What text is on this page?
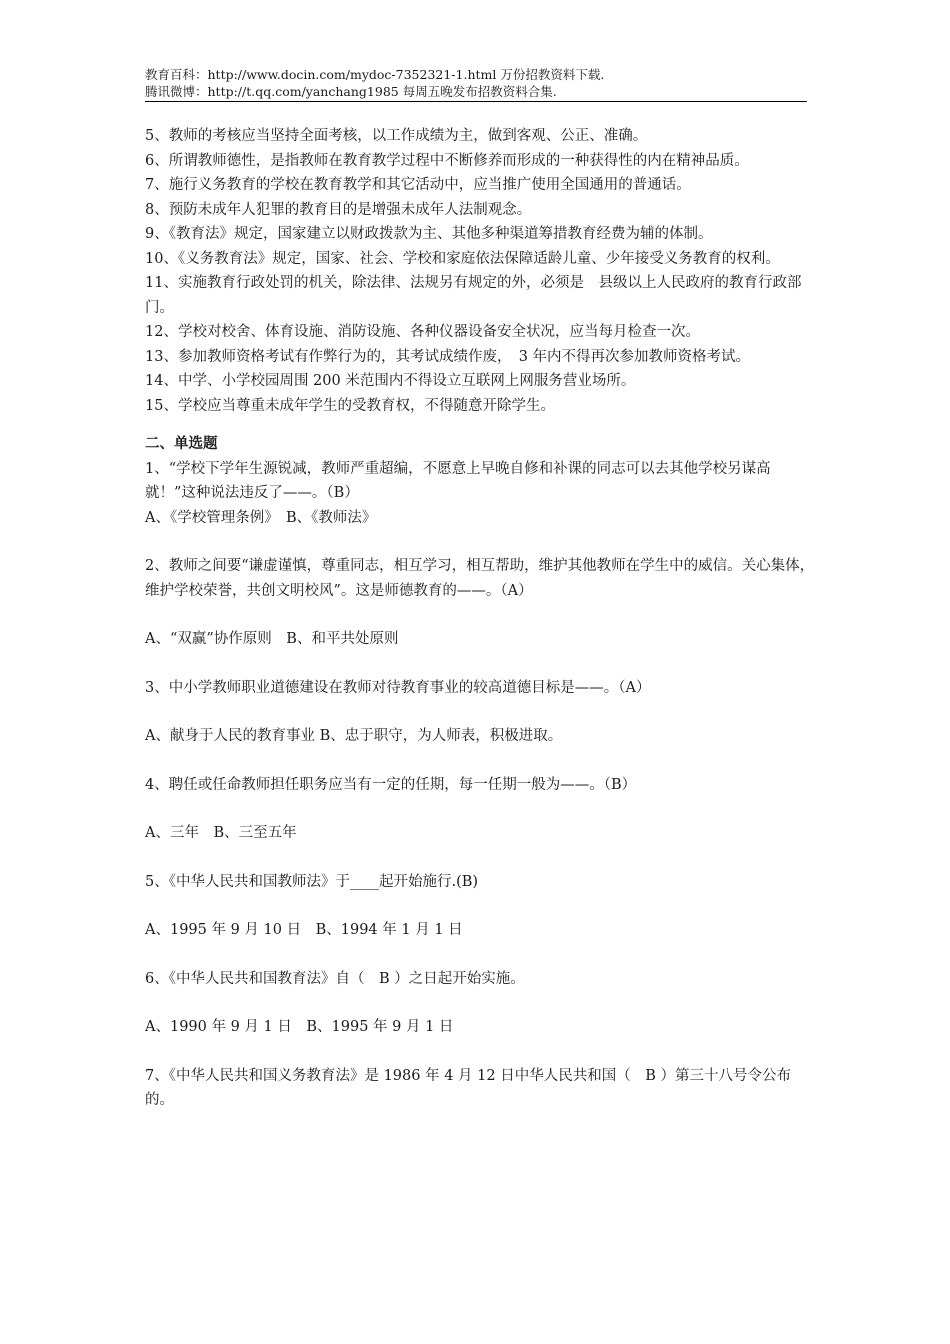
教育百科：http://www.docin.com/mydoc-7352321-1.html 万份招教资料下载.
腾讯微博：http://t.qq.com/yanchang1985 每周五晚发布招教资料合集.

5、教师的考核应当坚持全面考核，以工作成绩为主，做到客观、公正、准确。

6、所谓教师德性，是指教师在教育教学过程中不断修养而形成的一种获得性的内在精神品质。

7、施行义务教育的学校在教育教学和其它活动中，应当推广使用全国通用的普通话。

8、预防未成年人犯罪的教育目的是增强未成年人法制观念。

9、《教育法》规定，国家建立以财政拨款为主、其他多种渠道筹措教育经费为辅的体制。

10、《义务教育法》规定，国家、社会、学校和家庭依法保障适龄儿童、少年接受义务教育的权利。

11、实施教育行政处罚的机关，除法律、法规另有规定的外，必须是　县级以上人民政府的教育行政部门。

12、学校对校舍、体育设施、消防设施、各种仪器设备安全状况，应当每月检查一次。

13、参加教师资格考试有作弊行为的，其考试成绩作废，　3 年内不得再次参加教师资格考试。

14、中学、小学校园周围 200 米范围内不得设立互联网上网服务营业场所。

15、学校应当尊重未成年学生的受教育权，不得随意开除学生。

二、单选题

1、“学校下学年生源锐减，教师严重超编，不愿意上早晚自修和补课的同志可以去其他学校另谋高就！”这种说法违反了——。（B）

A、《学校管理条例》　B、《教师法》

2、教师之间要“谦虚谨慎，尊重同志，相互学习，相互帮助，维护其他教师在学生中的威信。关心集体，维护学校荣誉，共创文明校风”。这是师德教育的——。（A）

A、“双赢”协作原则　B、和平共处原则

3、中小学教师职业道德建设在教师对待教育事业的较高道德目标是——。（A）

A、献身于人民的教育事业 B、忠于职守，为人师表，积极进取。

4、聘任或任命教师担任职务应当有一定的任期，每一任期一般为——。（B）

A、三年　B、三至五年

5、《中华人民共和国教师法》于____起开始施行.(B)

A、1995 年 9 月 10 日　B、1994 年 1 月 1 日

6、《中华人民共和国教育法》自（　B ）之日起开始实施。

A、1990 年 9 月 1 日　B、1995 年 9 月 1 日

7、《中华人民共和国义务教育法》是 1986 年 4 月 12 日中华人民共和国（　B ）第三十八号令公布的。
